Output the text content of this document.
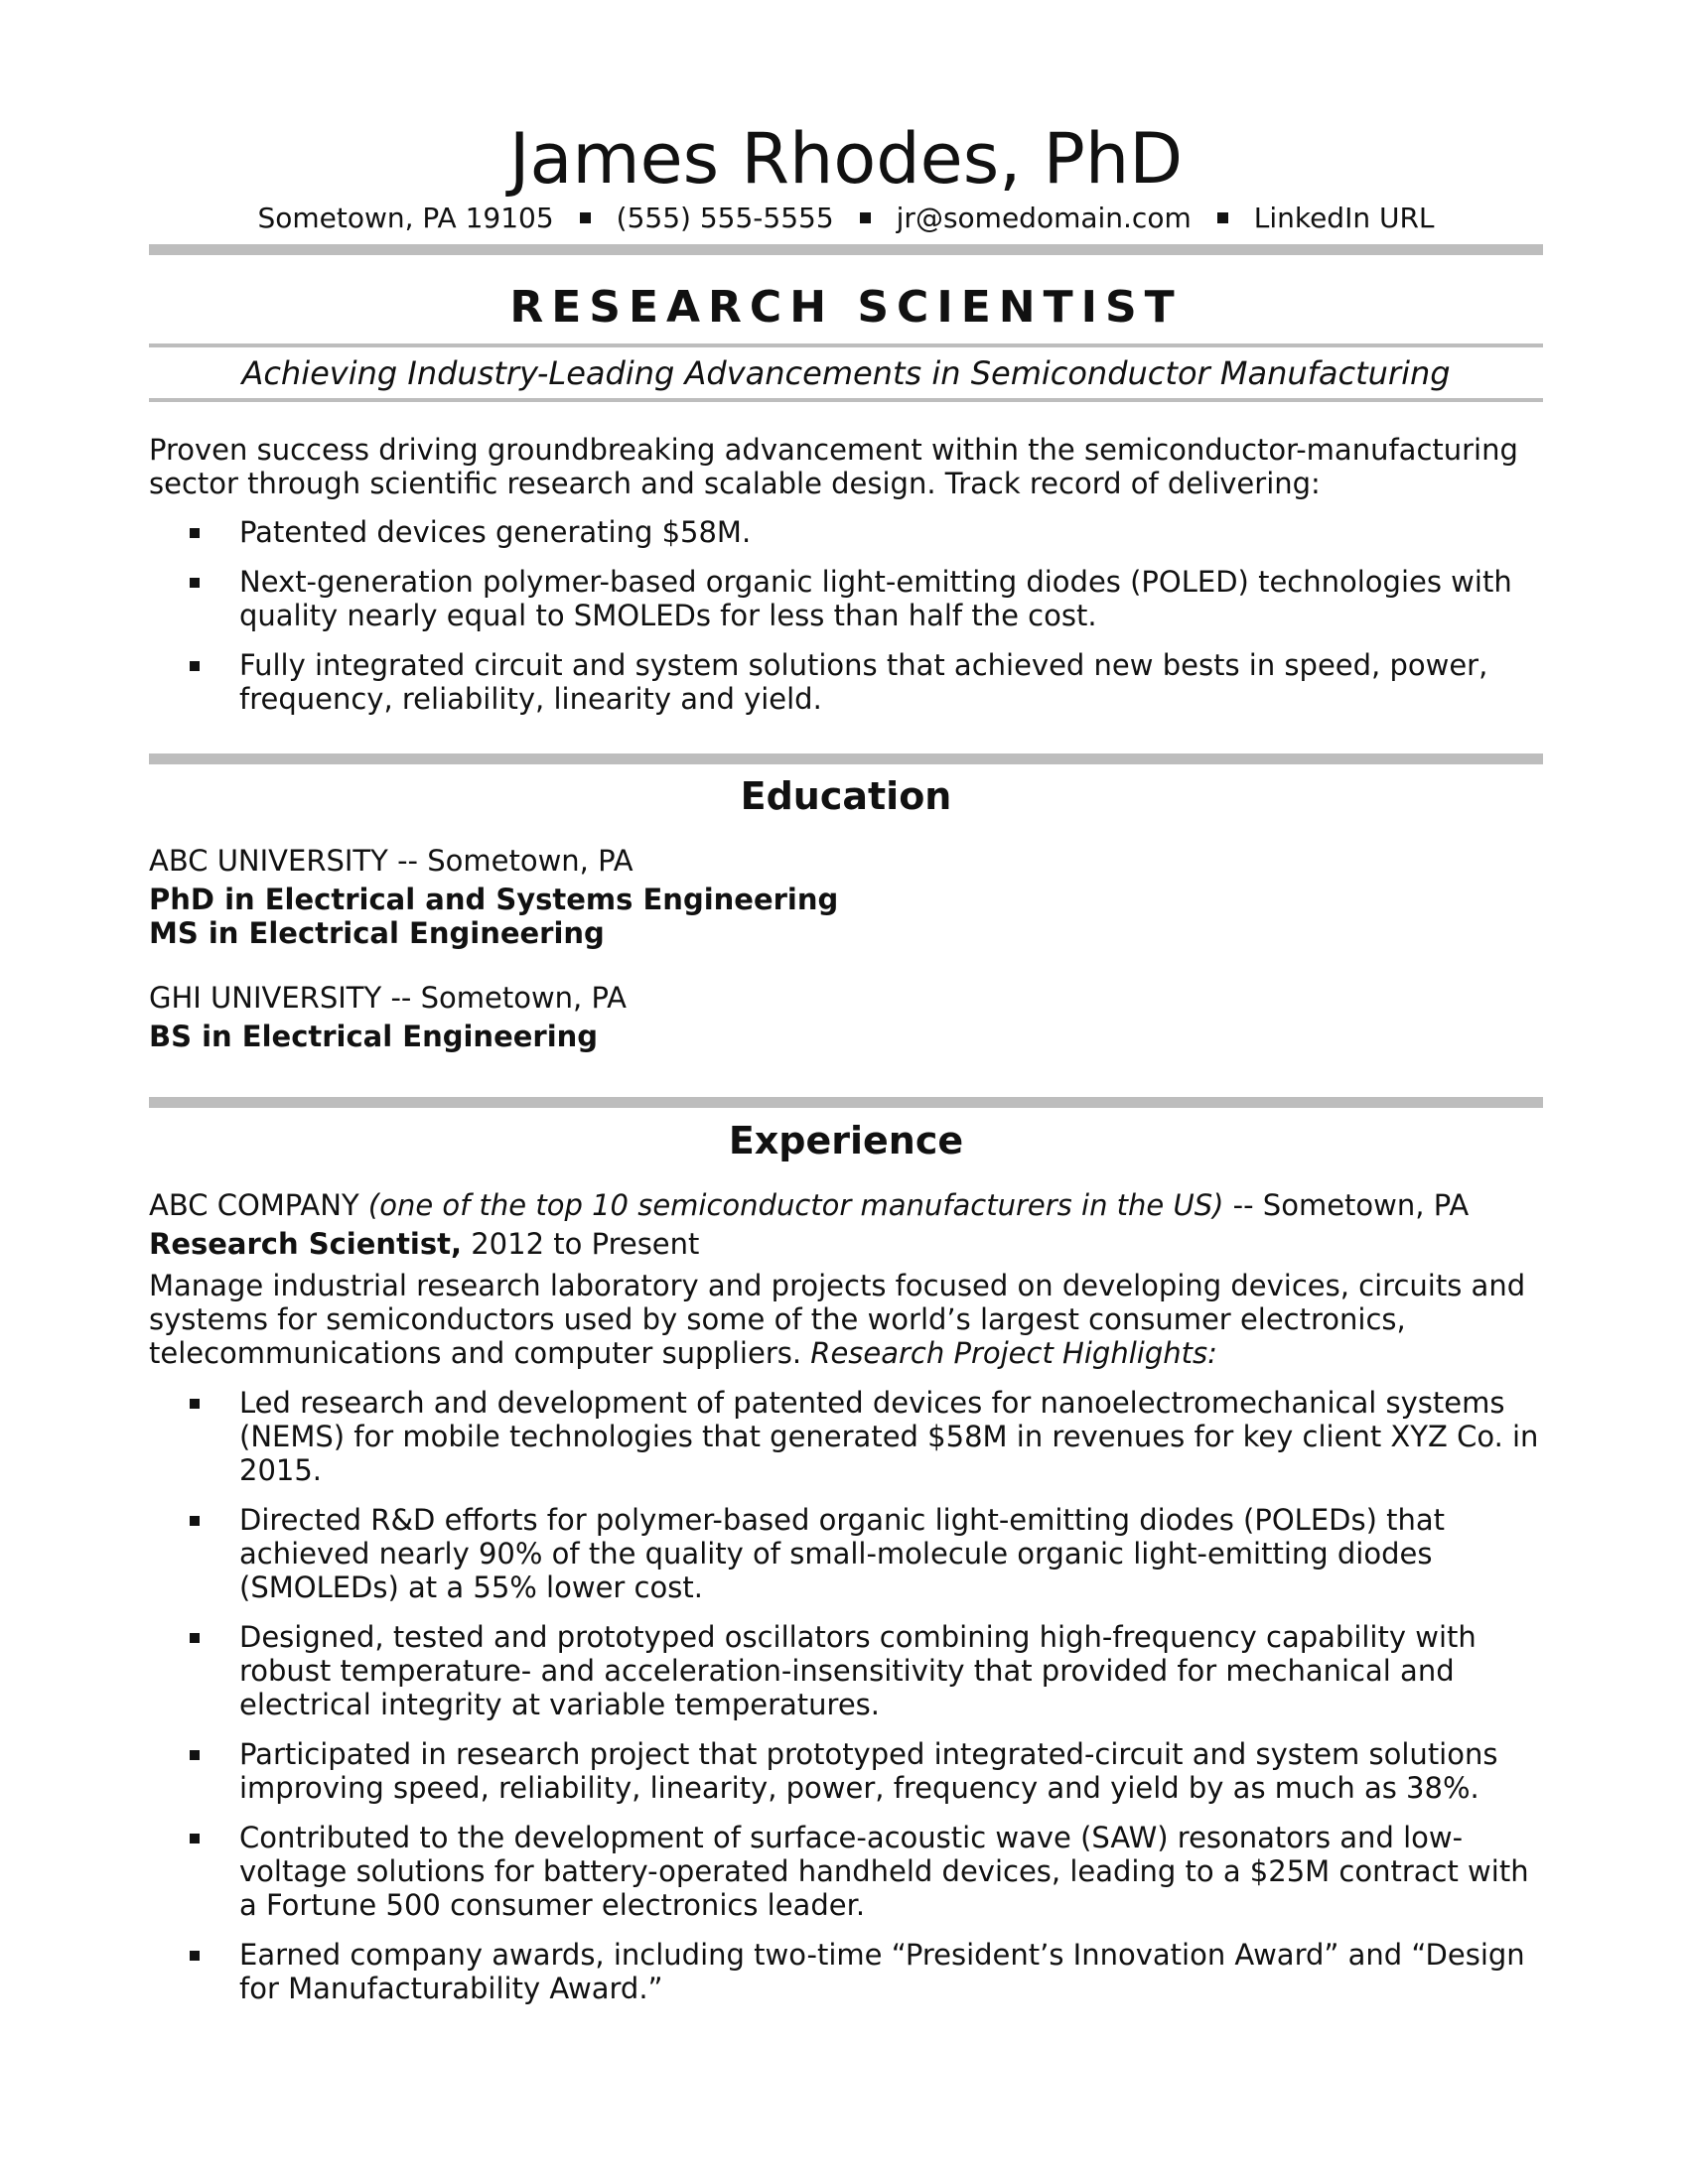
James Rhodes, PhD
Sometown, PA 19105 (555) 555-5555 jr@somedomain.com LinkedIn URL
RESEARCH SCIENTIST
Achieving Industry-Leading Advancements in Semiconductor Manufacturing
Proven success driving groundbreaking advancement within the semiconductor-manufacturing sector through scientific research and scalable design. Track record of delivering:
Patented devices generating $58M.
Next-generation polymer-based organic light-emitting diodes (POLED) technologies with quality nearly equal to SMOLEDs for less than half the cost.
Fully integrated circuit and system solutions that achieved new bests in speed, power, frequency, reliability, linearity and yield.
Education
ABC UNIVERSITY -- Sometown, PA
PhD in Electrical and Systems Engineering
MS in Electrical Engineering
GHI UNIVERSITY -- Sometown, PA
BS in Electrical Engineering
Experience
ABC COMPANY (one of the top 10 semiconductor manufacturers in the US) -- Sometown, PA
Research Scientist, 2012 to Present
Manage industrial research laboratory and projects focused on developing devices, circuits and systems for semiconductors used by some of the world’s largest consumer electronics, telecommunications and computer suppliers. Research Project Highlights:
Led research and development of patented devices for nanoelectromechanical systems (NEMS) for mobile technologies that generated $58M in revenues for key client XYZ Co. in 2015.
Directed R&D efforts for polymer-based organic light-emitting diodes (POLEDs) that achieved nearly 90% of the quality of small-molecule organic light-emitting diodes (SMOLEDs) at a 55% lower cost.
Designed, tested and prototyped oscillators combining high-frequency capability with robust temperature- and acceleration-insensitivity that provided for mechanical and electrical integrity at variable temperatures.
Participated in research project that prototyped integrated-circuit and system solutions improving speed, reliability, linearity, power, frequency and yield by as much as 38%.
Contributed to the development of surface-acoustic wave (SAW) resonators and low-voltage solutions for battery-operated handheld devices, leading to a $25M contract with a Fortune 500 consumer electronics leader.
Earned company awards, including two-time “President’s Innovation Award” and “Design for Manufacturability Award.”
